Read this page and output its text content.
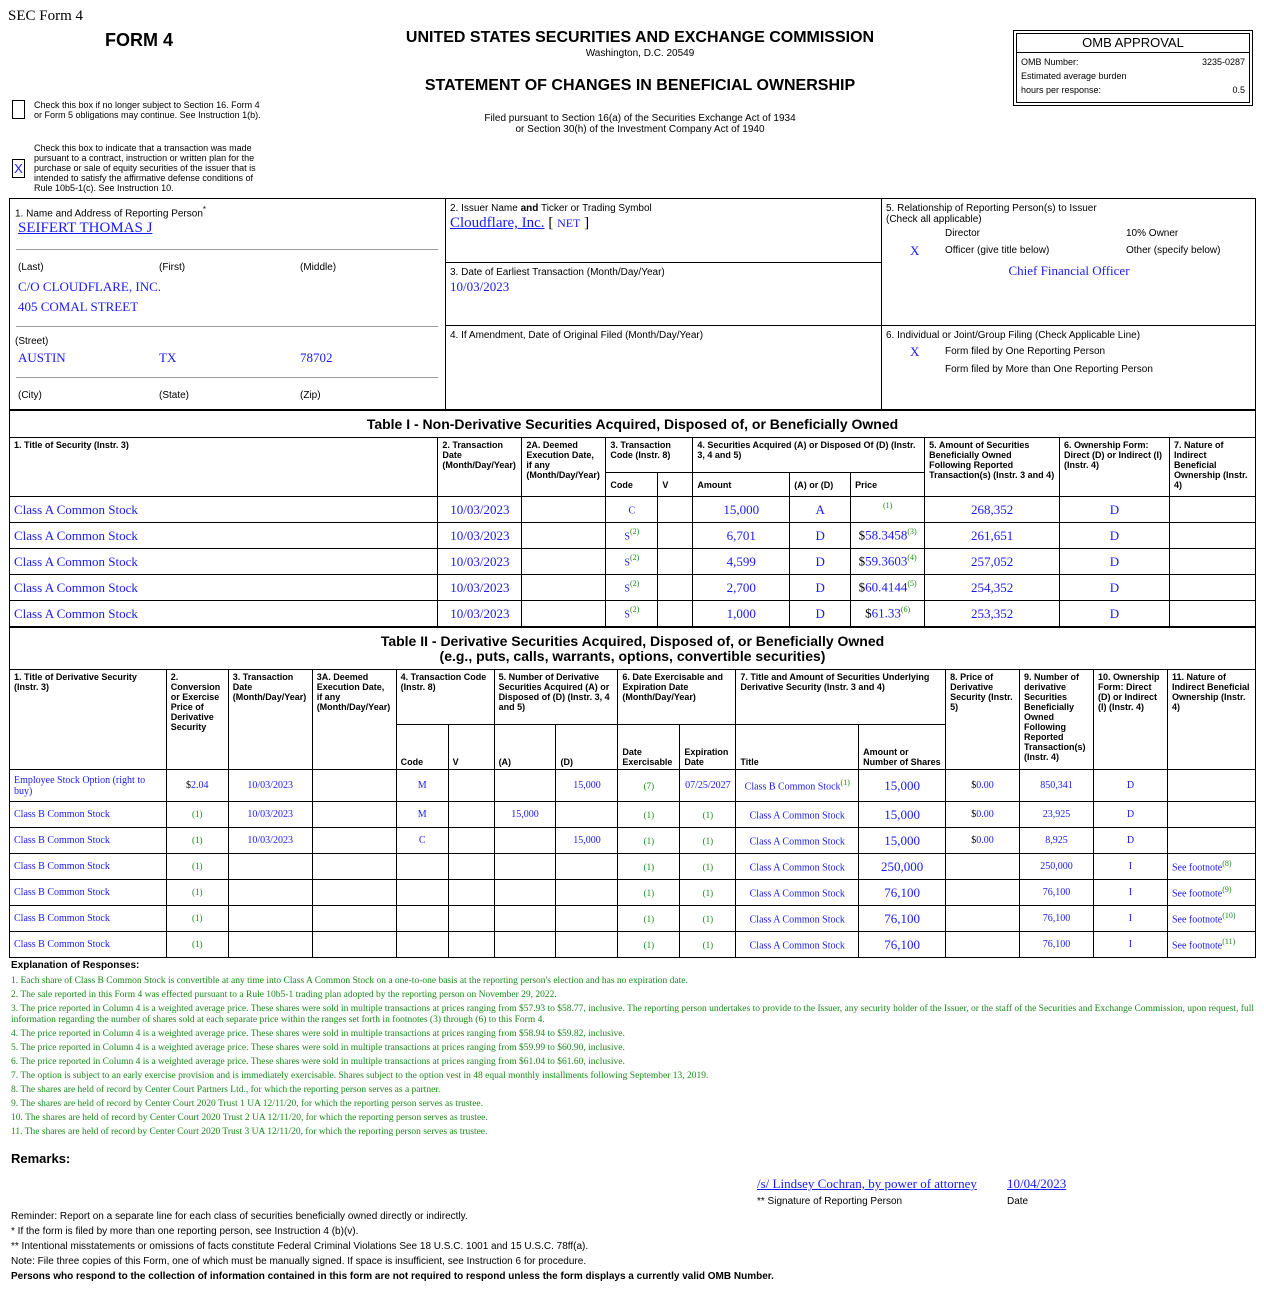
SEC Form 4
FORM 4	UNITED STATES SECURITIES AND EXCHANGE COMMISSION
Washington, D.C. 20549
STATEMENT OF CHANGES IN BENEFICIAL OWNERSHIP
Filed pursuant to Section 16(a) of the Securities Exchange Act of 1934
or Section 30(h) of the Investment Company Act of 1940
OMB APPROVAL
OMB Number:	3235-0287
Estimated average burden
hours per response:	0.5
Check this box if no longer subject to Section 16. Form 4 or Form 5 obligations may continue. See Instruction 1(b).
X
Check this box to indicate that a transaction was made pursuant to a contract, instruction or written plan for the purchase or sale of equity securities of the issuer that is intended to satisfy the affirmative defense conditions of Rule 10b5-1(c). See Instruction 10.
1. Name and Address of Reporting Person*
SEIFERT THOMAS J
(Last)	(First)	(Middle)
C/O CLOUDFLARE, INC.
405 COMAL STREET
(Street)
AUSTIN	TX	78702
(City)	(State)	(Zip)
2. Issuer Name and Ticker or Trading Symbol
Cloudflare, Inc. [ NET ]
3. Date of Earliest Transaction (Month/Day/Year)
10/03/2023
4. If Amendment, Date of Original Filed (Month/Day/Year)
5. Relationship of Reporting Person(s) to Issuer
(Check all applicable)
Director	10% Owner
X	Officer (give title below)	Other (specify below)
Chief Financial Officer
6. Individual or Joint/Group Filing (Check Applicable Line)
X	Form filed by One Reporting Person
Form filed by More than One Reporting Person
Table I - Non-Derivative Securities Acquired, Disposed of, or Beneficially Owned										
1. Title of Security (Instr. 3)	2. Transaction Date (Month/Day/Year)	2A. Deemed Execution Date, if any (Month/Day/Year)	3. Transaction Code (Instr. 8)		4. Securities Acquired (A) or Disposed Of (D) (Instr. 3, 4 and 5)			5. Amount of Securities Beneficially Owned Following Reported Transaction(s) (Instr. 3 and 4)	6. Ownership Form: Direct (D) or Indirect (I) (Instr. 4)	7. Nature of Indirect Beneficial Ownership (Instr. 4)
			Code	V	Amount	(A) or (D)	Price			
Class A Common Stock	10/03/2023		C		15,000	A	$^{(1)}$	268,352	D	
Class A Common Stock	10/03/2023		$S^{(2)}$		6,701	D	$58.3458$^{(3)}$	261,651	D	
Class A Common Stock	10/03/2023		$S^{(2)}$		4,599	D	$59.3603$^{(4)}$	257,052	D	
Class A Common Stock	10/03/2023		$S^{(2)}$		2,700	D	$60.4144$^{(5)}$	254,352	D	
Class A Common Stock	10/03/2023		$S^{(2)}$		1,000	D	$61.33$^{(6)}$	253,352	D	
Table II - Derivative Securities Acquired, Disposed of, or Beneficially Owned
(e.g., puts, calls, warrants, options, convertible securities)															

1. Title of Derivative Security (Instr. 3)	2. Conversion or Exercise Price of Derivative Security	3. Transaction Date (Month/Day/Year)	3A. Deemed Execution Date, if any (Month/Day/Year)	4. Transaction Code (Instr. 8)		5. Number of Derivative Securities Acquired (A) or Disposed of (D) (Instr. 3, 4 and 5)		6. Date Exercisable and Expiration Date (Month/Day/Year)		7. Title and Amount of Securities Underlying Derivative Security (Instr. 3 and 4)		8. Price of Derivative Security (Instr. 5)	9. Number of derivative Securities Beneficially Owned Following Reported Transaction(s) (Instr. 4)	10. Ownership Form: Direct (D) or Indirect (I) (Instr. 4)	11. Nature of Indirect Beneficial Ownership (Instr. 4)
				Code	V	(A)	(D)	Date Exercisable	Expiration Date	Title	Amount or Number of Shares				
Employee Stock Option (right to buy)	$2.04	10/03/2023		M			15,000	(7)	07/25/2027	Class B Common Stock$^{(1)}$	15,000	$0.00	850,341	D	
Class B Common Stock	(1)	10/03/2023		M		15,000		(1)	(1)	Class A Common Stock	15,000	$0.00	23,925	D	
Class B Common Stock	(1)	10/03/2023		C			15,000	(1)	(1)	Class A Common Stock	15,000	$0.00	8,925	D	
Class B Common Stock	(1)							(1)	(1)	Class A Common Stock	250,000		250,000	I	See footnote$^{(8)}$
Class B Common Stock	(1)							(1)	(1)	Class A Common Stock	76,100		76,100	I	See footnote$^{(9)}$
Class B Common Stock	(1)							(1)	(1)	Class A Common Stock	76,100		76,100	I	See footnote$^{(10)}$
Class B Common Stock	(1)							(1)	(1)	Class A Common Stock	76,100		76,100	I	See footnote$^{(11)}$
Explanation of Responses:
1. Each share of Class B Common Stock is convertible at any time into Class A Common Stock on a one-to-one basis at the reporting person's election and has no expiration date.
2. The sale reported in this Form 4 was effected pursuant to a Rule 10b5-1 trading plan adopted by the reporting person on November 29, 2022.
3. The price reported in Column 4 is a weighted average price. These shares were sold in multiple transactions at prices ranging from $57.93 to $58.77, inclusive. The reporting person undertakes to provide to the Issuer, any security holder of the Issuer, or the staff of the Securities and Exchange Commission, upon request, full information regarding the number of shares sold at each separate price within the ranges set forth in footnotes (3) through (6) to this Form 4.
4. The price reported in Column 4 is a weighted average price. These shares were sold in multiple transactions at prices ranging from $58.94 to $59.82, inclusive.
5. The price reported in Column 4 is a weighted average price. These shares were sold in multiple transactions at prices ranging from $59.99 to $60.90, inclusive.
6. The price reported in Column 4 is a weighted average price. These shares were sold in multiple transactions at prices ranging from $61.04 to $61.60, inclusive.
7. The option is subject to an early exercise provision and is immediately exercisable. Shares subject to the option vest in 48 equal monthly installments following September 13, 2019.
8. The shares are held of record by Center Court Partners Ltd., for which the reporting person serves as a partner.
9. The shares are held of record by Center Court 2020 Trust 1 UA 12/11/20, for which the reporting person serves as trustee.
10. The shares are held of record by Center Court 2020 Trust 2 UA 12/11/20, for which the reporting person serves as trustee.
11. The shares are held of record by Center Court 2020 Trust 3 UA 12/11/20, for which the reporting person serves as trustee.
Remarks:
/s/ Lindsey Cochran, by power of attorney
** Signature of Reporting Person
10/04/2023
Date
Reminder: Report on a separate line for each class of securities beneficially owned directly or indirectly.
* If the form is filed by more than one reporting person, see Instruction 4 (b)(v).
** Intentional misstatements or omissions of facts constitute Federal Criminal Violations See 18 U.S.C. 1001 and 15 U.S.C. 78ff(a).
Note: File three copies of this Form, one of which must be manually signed. If space is insufficient, see Instruction 6 for procedure.
Persons who respond to the collection of information contained in this form are not required to respond unless the form displays a currently valid OMB Number.
